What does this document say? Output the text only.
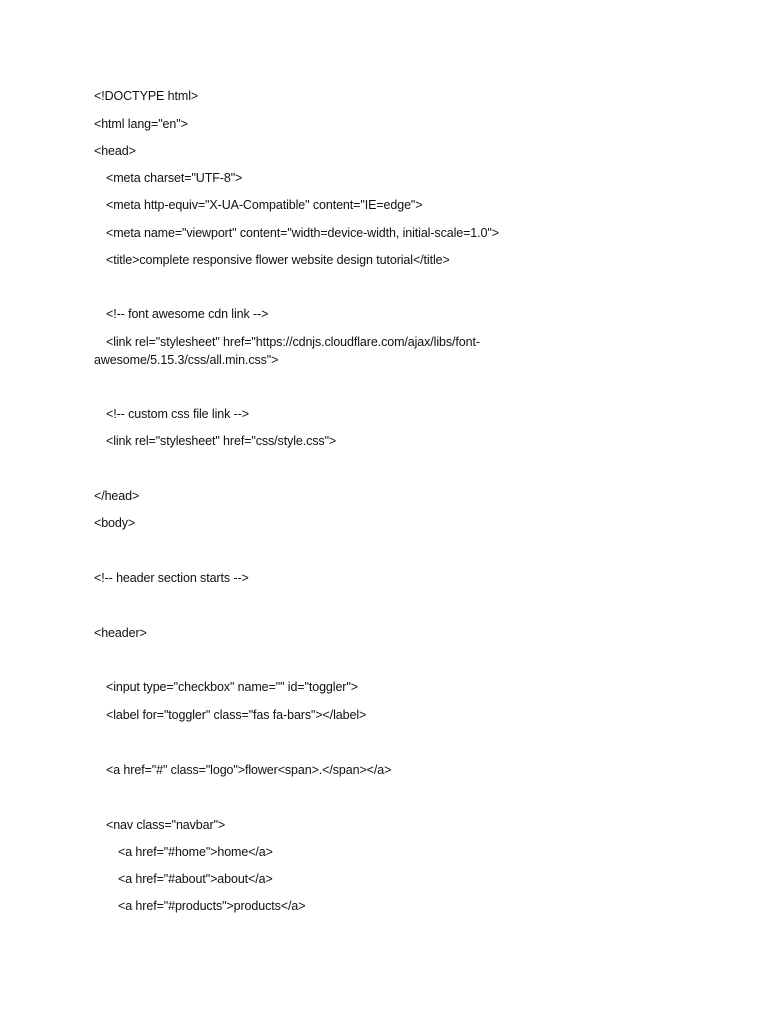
<!DOCTYPE html>

<html lang="en">

<head>

<meta charset="UTF-8">

<meta http-equiv="X-UA-Compatible" content="IE=edge">

<meta name="viewport" content="width=device-width, initial-scale=1.0">

<title>complete responsive flower website design tutorial</title>

<!-- font awesome cdn link -->

<link rel="stylesheet" href="https://cdnjs.cloudflare.com/ajax/libs/font-

awesome/5.15.3/css/all.min.css">

<!-- custom css file link -->

<link rel="stylesheet" href="css/style.css">

</head>

<body>

<!-- header section starts -->

<header>

<input type="checkbox" name="" id="toggler">

<label for="toggler" class="fas fa-bars"></label>

<a href="#" class="logo">flower<span>.</span></a>

<nav class="navbar">

<a href="#home">home</a>

<a href="#about">about</a>

<a href="#products">products</a>
